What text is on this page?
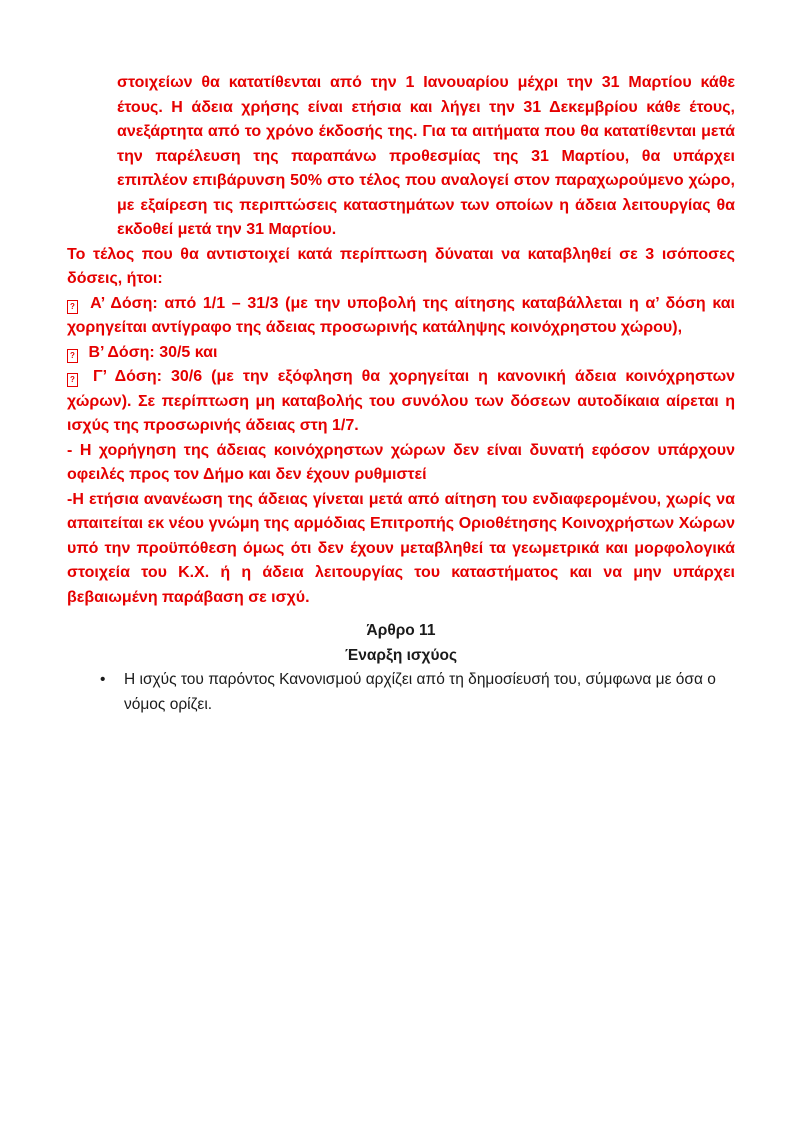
στοιχείων θα κατατίθενται από την 1 Ιανουαρίου μέχρι την 31 Μαρτίου κάθε έτους. Η άδεια χρήσης είναι ετήσια και λήγει την 31 Δεκεμβρίου κάθε έτους, ανεξάρτητα από το χρόνο έκδοσής της. Για τα αιτήματα που θα κατατίθενται μετά την παρέλευση της παραπάνω προθεσμίας της 31 Μαρτίου, θα υπάρχει επιπλέον επιβάρυνση 50% στο τέλος που αναλογεί στον παραχωρούμενο χώρο, με εξαίρεση τις περιπτώσεις καταστημάτων των οποίων η άδεια λειτουργίας θα εκδοθεί μετά την 31 Μαρτίου.

Το τέλος που θα αντιστοιχεί κατά περίπτωση δύναται να καταβληθεί σε 3 ισόποσες δόσεις, ήτοι:

? Α’ Δόση: από 1/1 – 31/3 (με την υποβολή της αίτησης καταβάλλεται η α’ δόση και χορηγείται αντίγραφο της άδειας προσωρινής κατάληψης κοινόχρηστου χώρου),

? Β’ Δόση: 30/5 και

? Γ’ Δόση: 30/6 (με την εξόφληση θα χορηγείται η κανονική άδεια κοινόχρηστων χώρων). Σε περίπτωση μη καταβολής του συνόλου των δόσεων αυτοδίκαια αίρεται η ισχύς της προσωρινής άδειας στη 1/7.

- Η χορήγηση της άδειας κοινόχρηστων χώρων δεν είναι δυνατή εφόσον υπάρχουν οφειλές προς τον Δήμο και δεν έχουν ρυθμιστεί

-Η ετήσια ανανέωση της άδειας γίνεται μετά από αίτηση του ενδιαφερομένου, χωρίς να απαιτείται εκ νέου γνώμη της αρμόδιας Επιτροπής Οριοθέτησης Κοινοχρήστων Χώρων υπό την προϋπόθεση όμως ότι δεν έχουν μεταβληθεί τα γεωμετρικά και μορφολογικά στοιχεία του Κ.Χ. ή η άδεια λειτουργίας του καταστήματος και να μην υπάρχει βεβαιωμένη παράβαση σε ισχύ.

Άρθρο 11
Έναρξη ισχύος
• Η ισχύς του παρόντος Κανονισμού αρχίζει από τη δημοσίευσή του, σύμφωνα με όσα ο νόμος ορίζει.
